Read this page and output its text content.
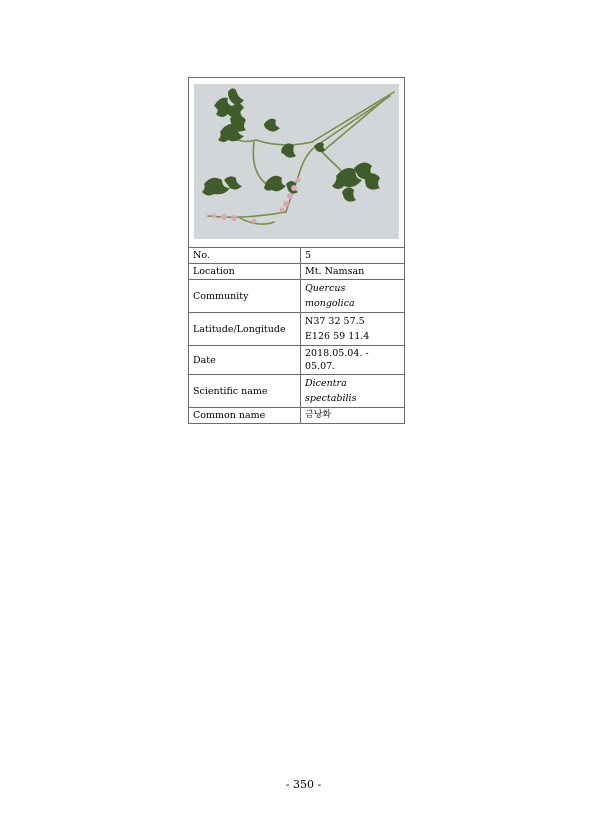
No.	5
Location	Mt. Namsan
Community	Quercus
mongolica

Latitude/Longitude	N37 32 57.5
E126 59 11.4

Date	2018.05.04. - 05.07.
Scientific name	Dicentra
spectabilis

Common name	금낭화
- 350 -
